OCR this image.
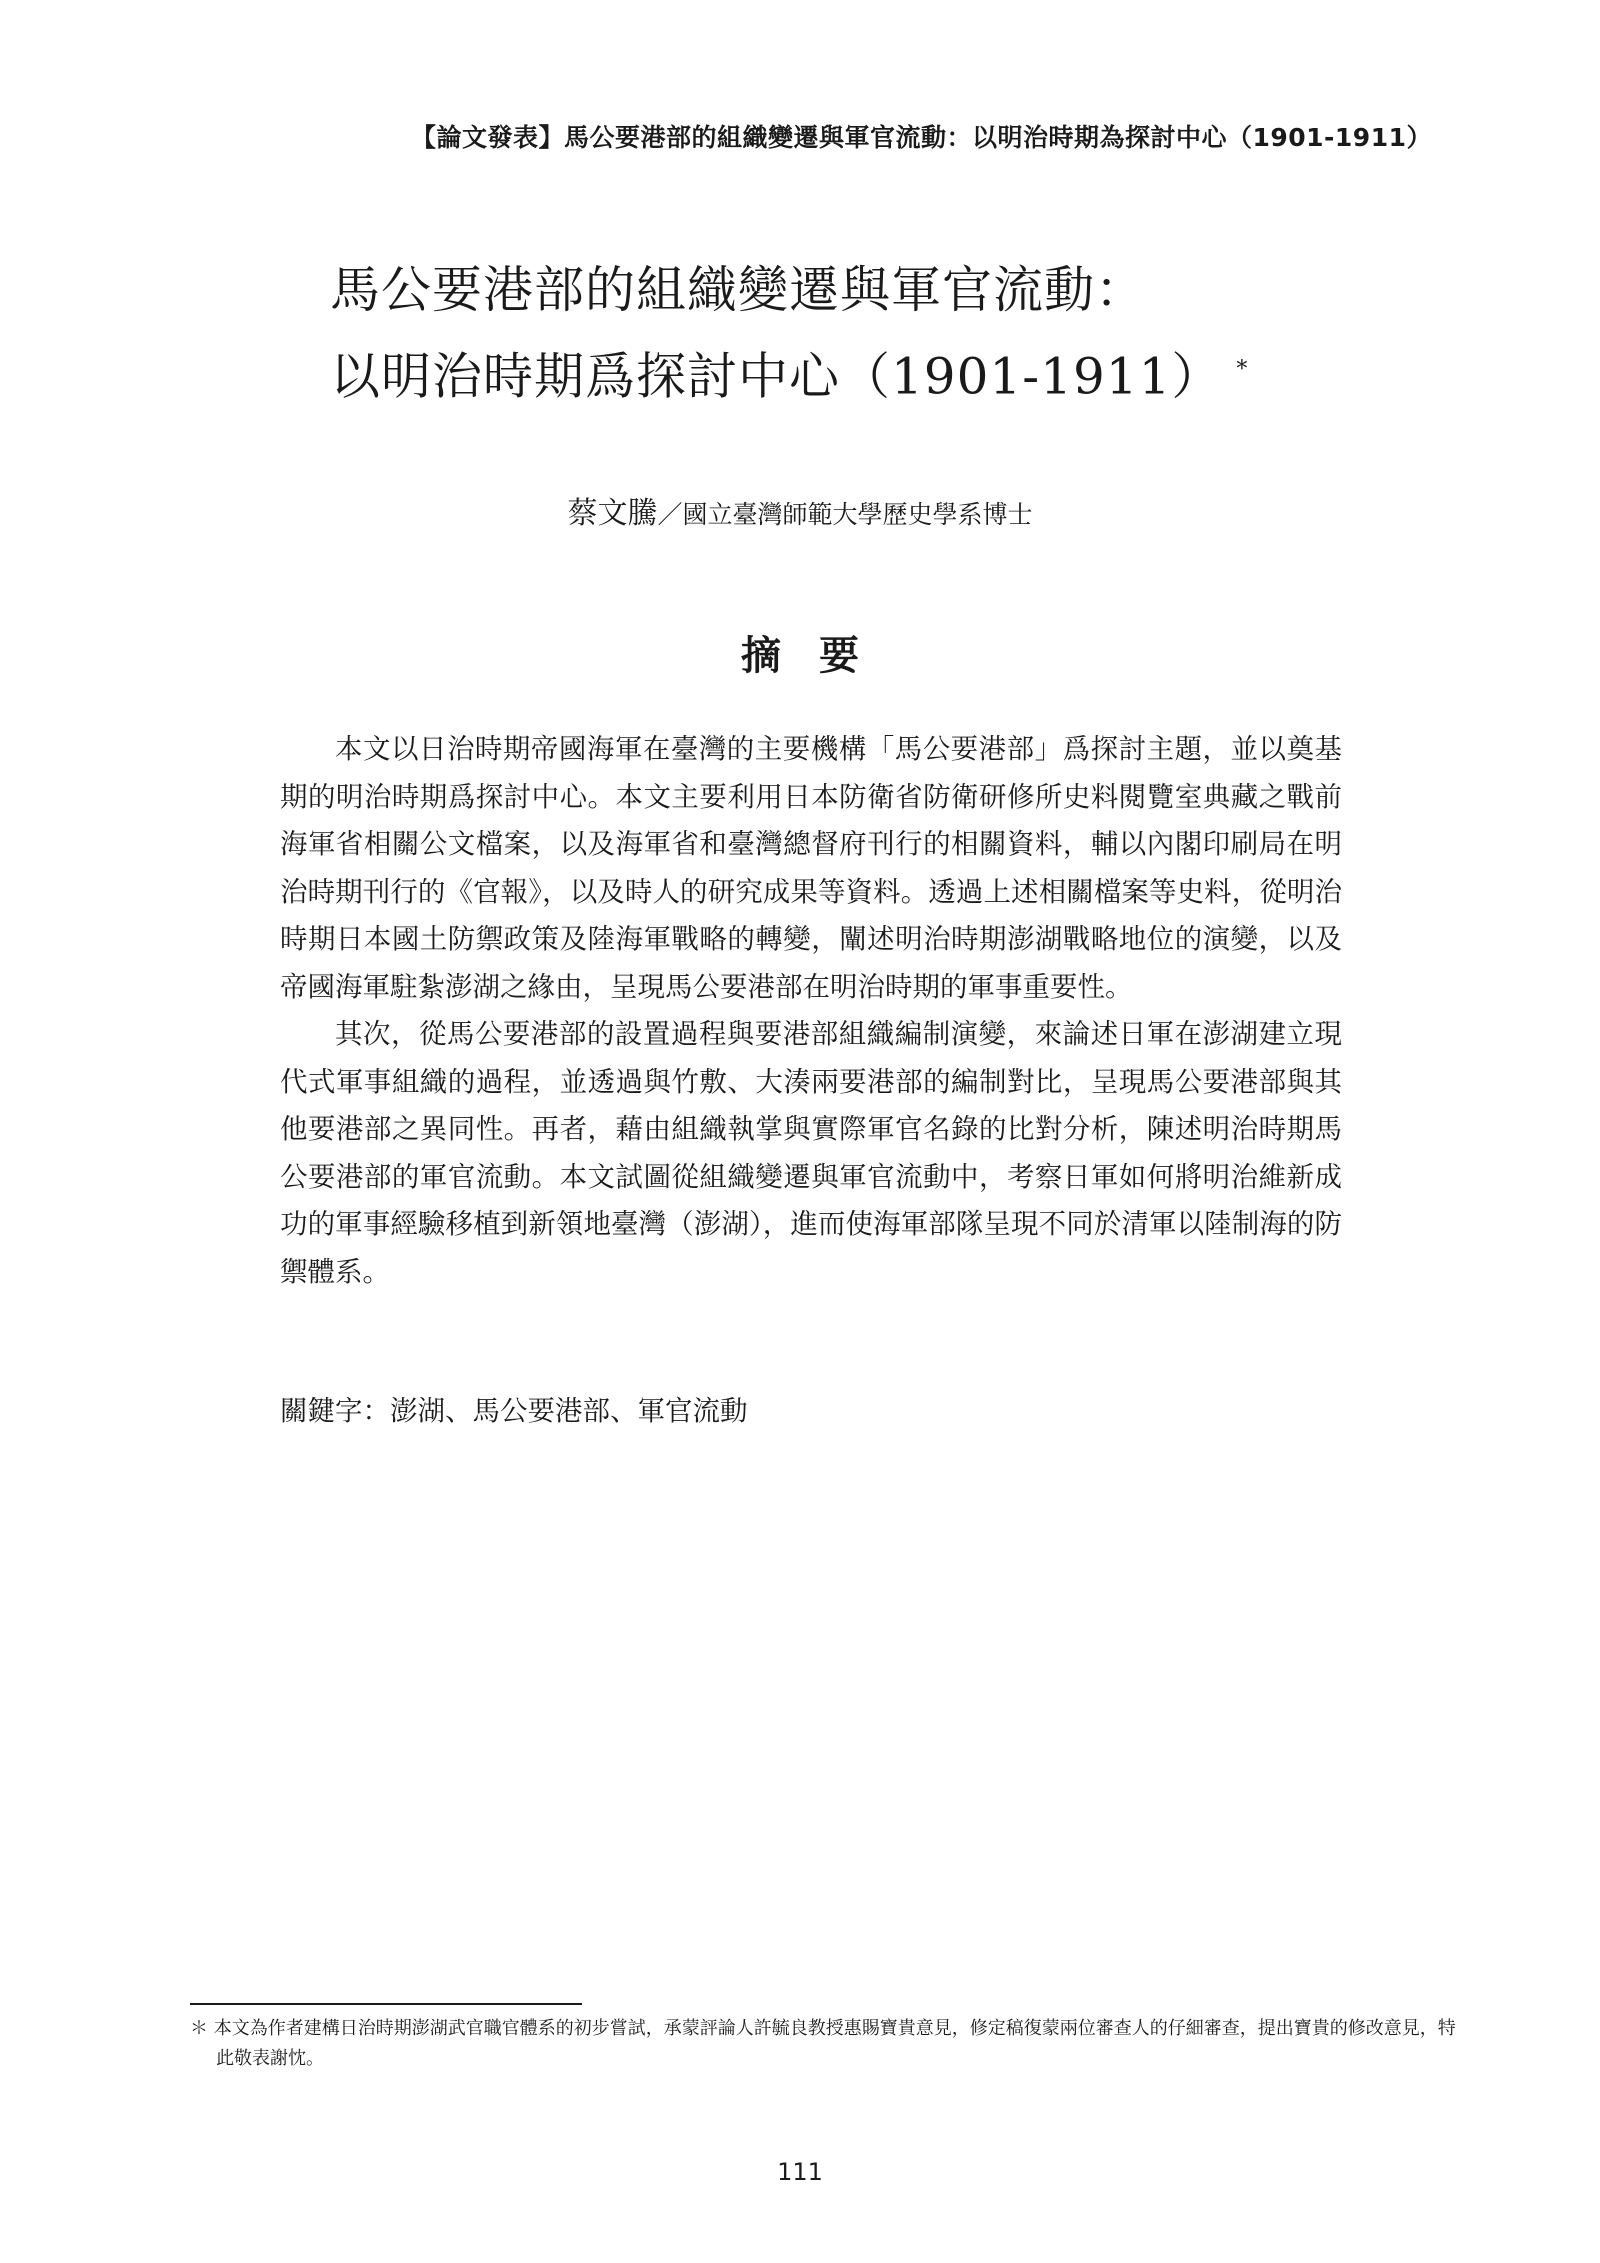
【論文發表】馬公要港部的組織變遷與軍官流動：以明治時期為探討中心（1901-1911）
馬公要港部的組織變遷與軍官流動：
以明治時期爲探討中心（1901-1911） *
蔡文騰／國立臺灣師範大學歷史學系博士
摘要

本文以日治時期帝國海軍在臺灣的主要機構「馬公要港部」爲探討主題，並以奠基期的明治時期爲探討中心。本文主要利用日本防衛省防衛研修所史料閱覽室典藏之戰前海軍省相關公文檔案，以及海軍省和臺灣總督府刊行的相關資料，輔以內閣印刷局在明治時期刊行的《官報》，以及時人的研究成果等資料。透過上述相關檔案等史料，從明治時期日本國土防禦政策及陸海軍戰略的轉變，闡述明治時期澎湖戰略地位的演變，以及帝國海軍駐紮澎湖之緣由，呈現馬公要港部在明治時期的軍事重要性。

其次，從馬公要港部的設置過程與要港部組織編制演變，來論述日軍在澎湖建立現代式軍事組織的過程，並透過與竹敷、大湊兩要港部的編制對比，呈現馬公要港部與其他要港部之異同性。再者，藉由組織執掌與實際軍官名錄的比對分析，陳述明治時期馬公要港部的軍官流動。本文試圖從組織變遷與軍官流動中，考察日軍如何將明治維新成功的軍事經驗移植到新領地臺灣（澎湖），進而使海軍部隊呈現不同於清軍以陸制海的防禦體系。

關鍵字：澎湖、馬公要港部、軍官流動
＊ 本文為作者建構日治時期澎湖武官職官體系的初步嘗試，承蒙評論人許毓良教授惠賜寶貴意見，修定稿復蒙兩位審查人的仔細審查，提出寶貴的修改意見，特此敬表謝忱。
111
